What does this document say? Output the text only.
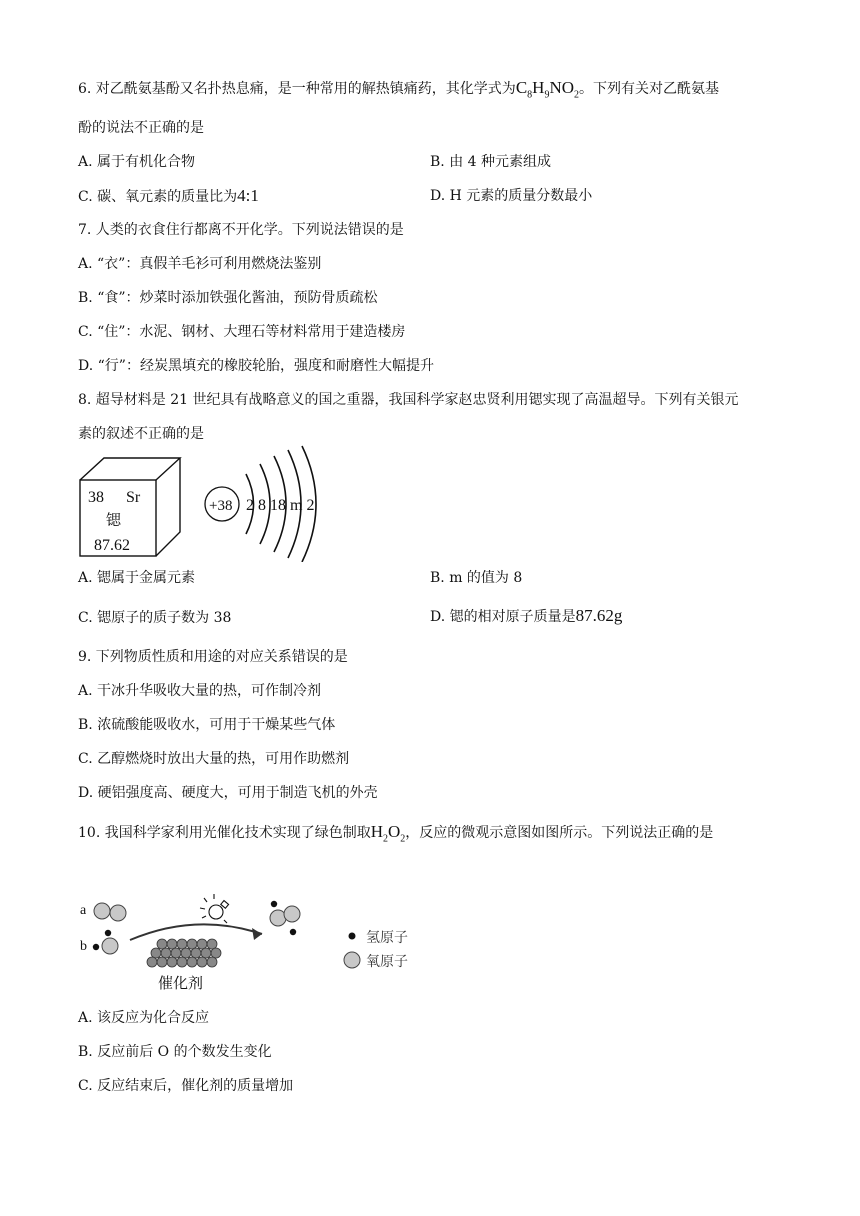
6. 对乙酰氨基酚又名扑热息痛，是一种常用的解热镇痛药，其化学式为$C_8H_9NO_2$。下列有关对乙酰氨基
酚的说法不正确的是
A. 属于有机化合物	B. 由 4 种元素组成
C. 碳、氧元素的质量比为4:1	D. H 元素的质量分数最小
7. 人类的衣食住行都离不开化学。下列说法错误的是
A. “衣”：真假羊毛衫可利用燃烧法鉴别
B. “食”：炒菜时添加铁强化酱油，预防骨质疏松
C. “住”：水泥、钢材、大理石等材料常用于建造楼房
D. “行”：经炭黑填充的橡胶轮胎，强度和耐磨性大幅提升
8. 超导材料是 21 世纪具有战略意义的国之重器，我国科学家赵忠贤利用锶实现了高温超导。下列有关银元
素的叙述不正确的是
38 Sr
锶
87.62
+38 2 8 18 m 2
A. 锶属于金属元素	B. m 的值为 8
C. 锶原子的质子数为 38	D. 锶的相对原子质量是87.62g
9. 下列物质性质和用途的对应关系错误的是
A. 干冰升华吸收大量的热，可作制冷剂
B. 浓硫酸能吸收水，可用于干燥某些气体
C. 乙醇燃烧时放出大量的热，可用作助燃剂
D. 硬铝强度高、硬度大，可用于制造飞机的外壳
10. 我国科学家利用光催化技术实现了绿色制取$H_2O_2$，反应的微观示意图如图所示。下列说法正确的是
a
b
催化剂
氢原子
氧原子
A. 该反应为化合反应
B. 反应前后 O 的个数发生变化
C. 反应结束后，催化剂的质量增加
